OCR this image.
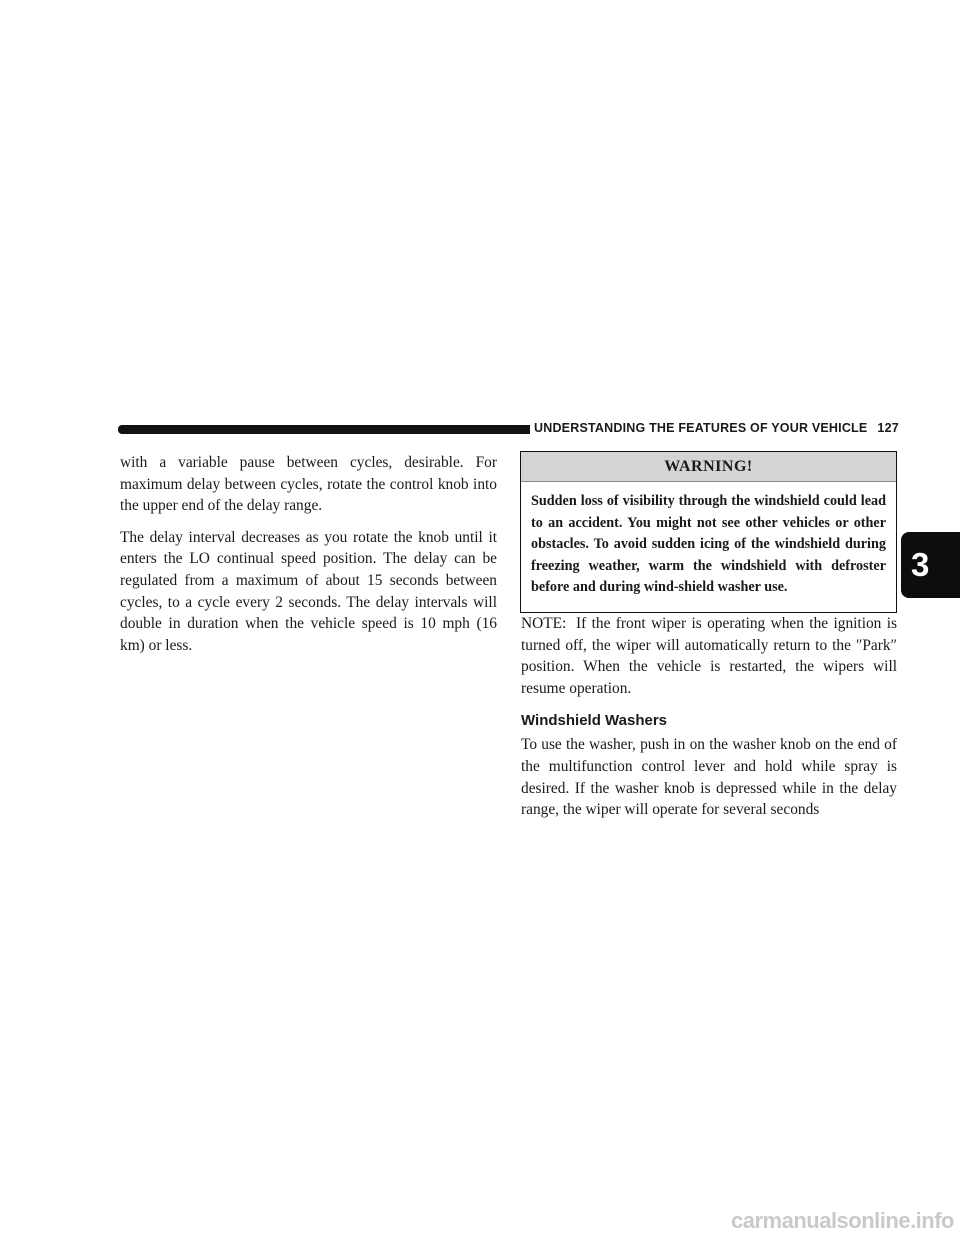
UNDERSTANDING THE FEATURES OF YOUR VEHICLE 127

with a variable pause between cycles, desirable. For maximum delay between cycles, rotate the control knob into the upper end of the delay range.

The delay interval decreases as you rotate the knob until it enters the LO continual speed position. The delay can be regulated from a maximum of about 15 seconds between cycles, to a cycle every 2 seconds. The delay intervals will double in duration when the vehicle speed is 10 mph (16 km) or less.

WARNING!
Sudden loss of visibility through the windshield could lead to an accident. You might not see other vehicles or other obstacles. To avoid sudden icing of the windshield during freezing weather, warm the windshield with defroster before and during wind-shield washer use.

NOTE: If the front wiper is operating when the ignition is turned off, the wiper will automatically return to the ″Park″ position. When the vehicle is restarted, the wipers will resume operation.

Windshield Washers

To use the washer, push in on the washer knob on the end of the multifunction control lever and hold while spray is desired. If the washer knob is depressed while in the delay range, the wiper will operate for several seconds

3
carmanualsonline.info
